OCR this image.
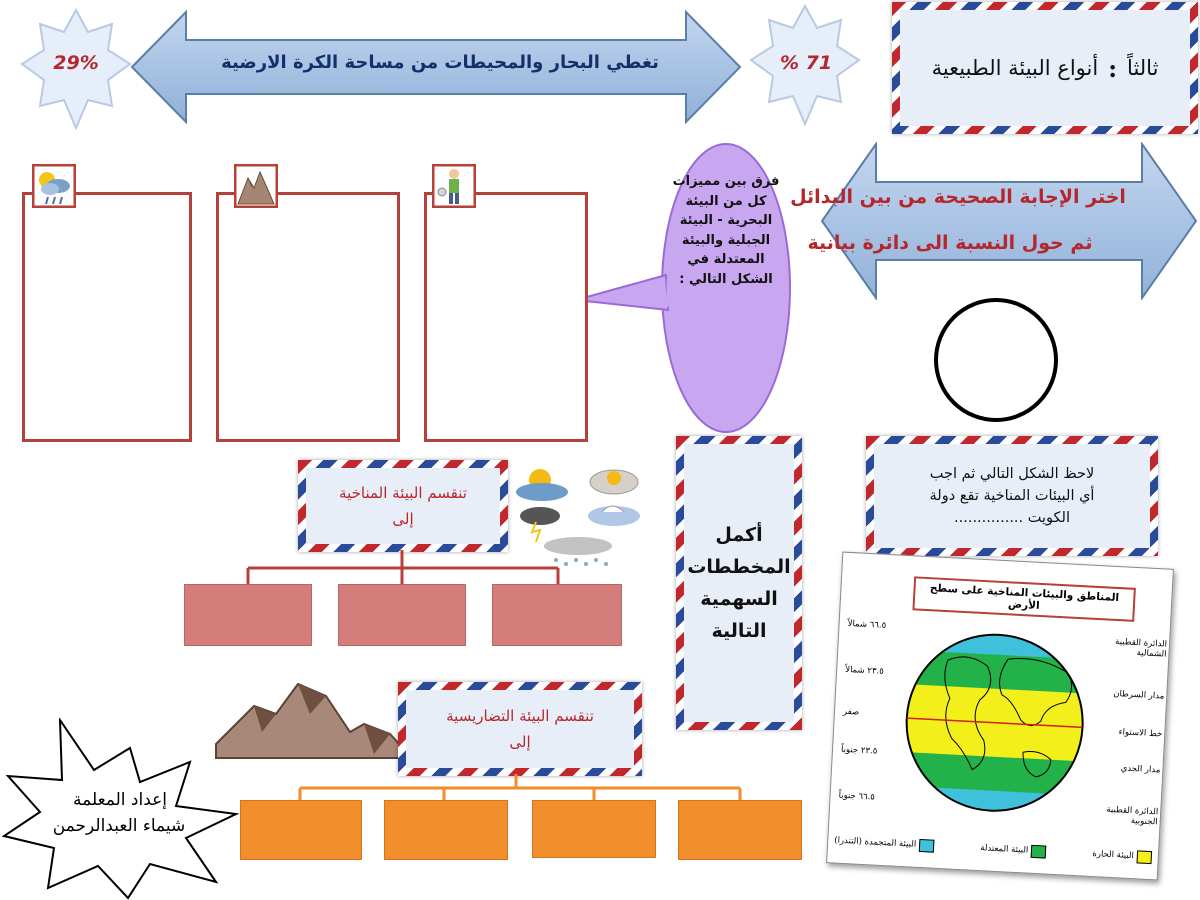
29%	تغطي البحار والمحيطات من مساحة الكرة الارضية	% 71	ثالثاً
:
أنواع البيئة الطبيعية
اختر الإجابة الصحيحة من بين البدائل
ثم حول النسبة الى دائرة بيانية
فرق بين مميزات كل من البيئة البحرية - البيئة الجبلية والبيئة المعتدلة في الشكل التالي :
لاحظ الشكل التالي ثم اجب
أي البيئات المناخية تقع دولة
الكويت ...............
أكمل المخططات السهمية التالية
تنقسم البيئة المناخية
إلى
تنقسم البيئة التضاريسية
إلى
إعداد المعلمة
شيماء العبدالرحمن
المناطق والبيئات المناخية على سطح الأرض
الدائرة القطبية الشمالية
مدار السرطان
خط الاستواء
مدار الجدي
الدائرة القطبية الجنوبية
٦٦.٥ شمالاً
٢٣.٥ شمالاً
صفر
٢٣.٥ جنوباً
٦٦.٥ جنوباً
البيئة الحارة
البيئة المعتدلة
البيئة المتجمدة (التندرا)
